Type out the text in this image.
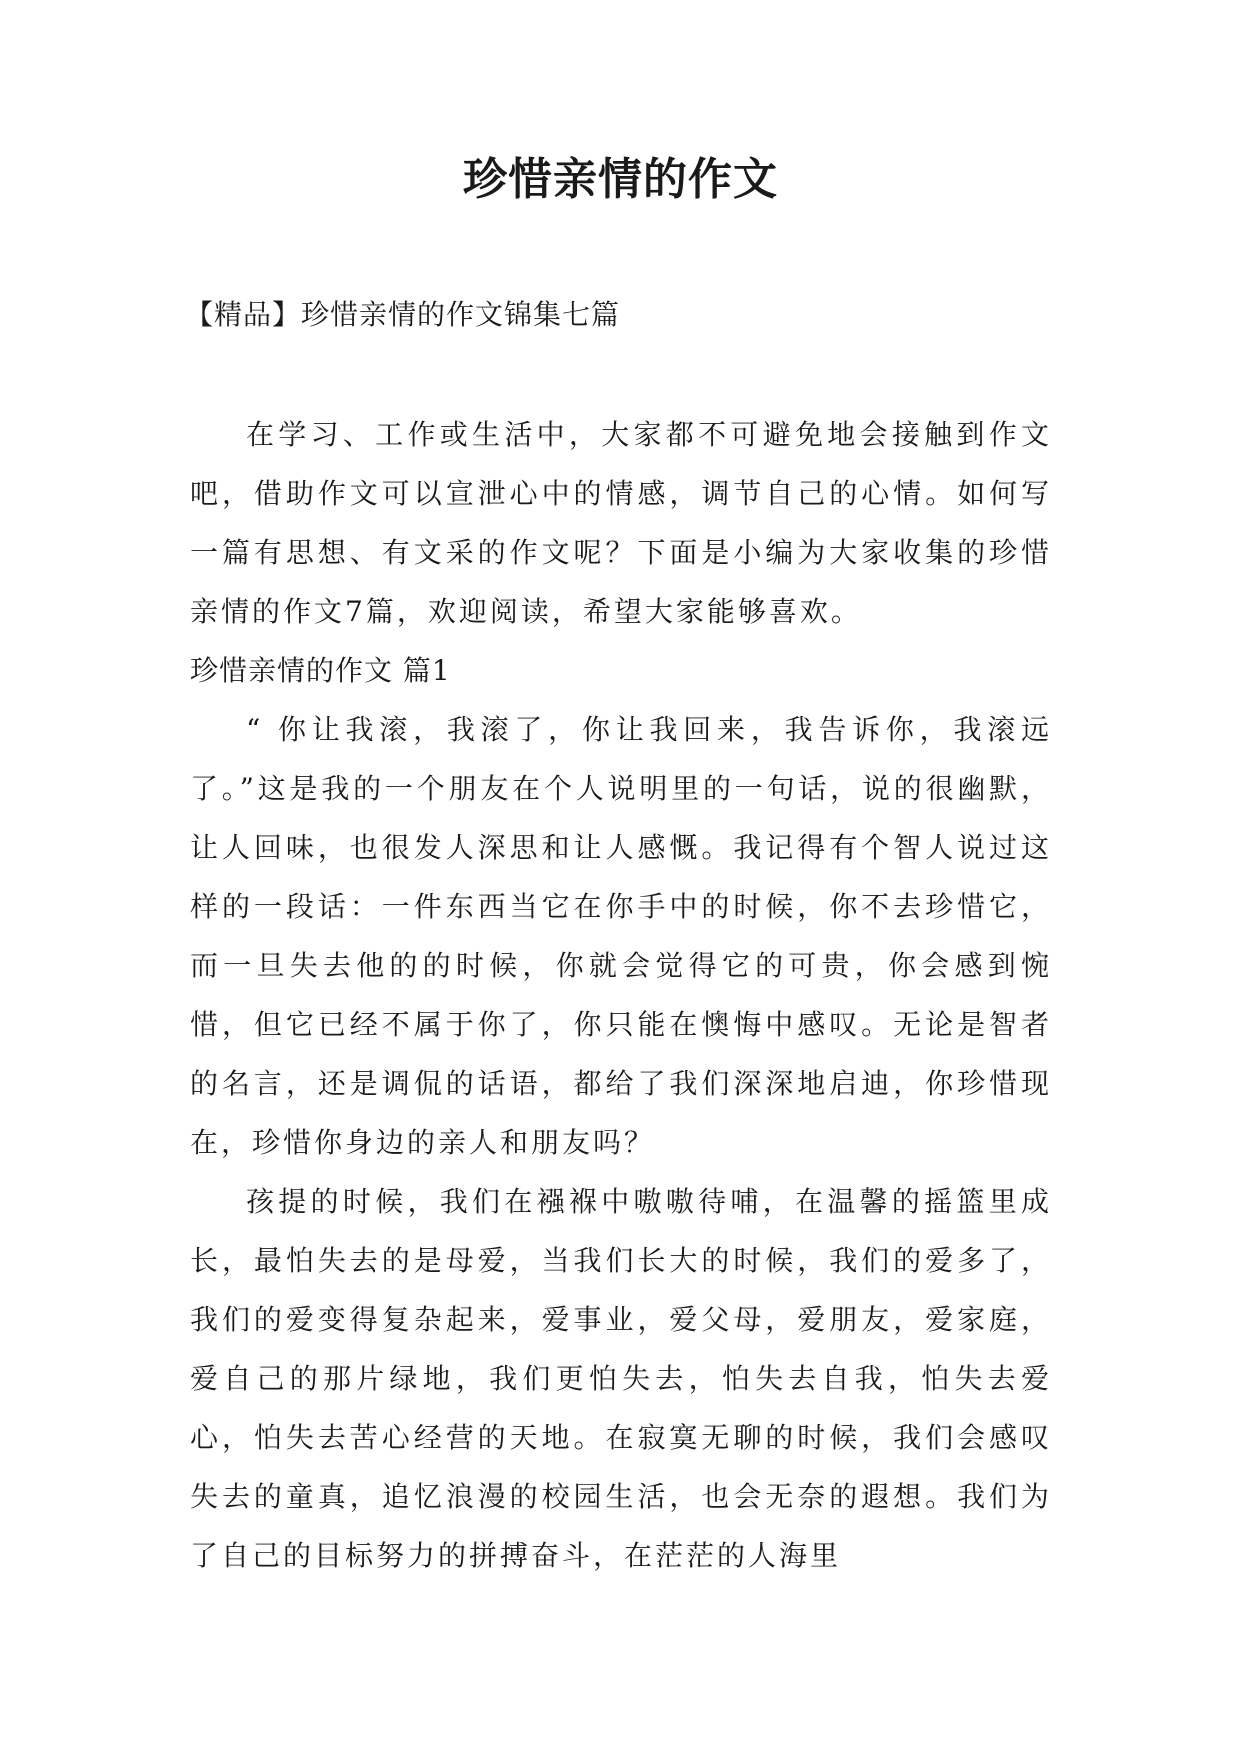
珍惜亲情的作文
【精品】珍惜亲情的作文锦集七篇

在学习、工作或生活中，大家都不可避免地会接触到作文吧，借助作文可以宣泄心中的情感，调节自己的心情。如何写一篇有思想、有文采的作文呢？下面是小编为大家收集的珍惜亲情的作文7篇，欢迎阅读，希望大家能够喜欢。

珍惜亲情的作文 篇1

“ 你让我滚，我滚了，你让我回来，我告诉你，我滚远了。”这是我的一个朋友在个人说明里的一句话，说的很幽默，让人回味，也很发人深思和让人感慨。我记得有个智人说过这样的一段话：一件东西当它在你手中的时候，你不去珍惜它，而一旦失去他的的时候，你就会觉得它的可贵，你会感到惋惜，但它已经不属于你了，你只能在懊悔中感叹。无论是智者的名言，还是调侃的话语，都给了我们深深地启迪，你珍惜现在，珍惜你身边的亲人和朋友吗？

孩提的时候，我们在襁褓中嗷嗷待哺，在温馨的摇篮里成长，最怕失去的是母爱，当我们长大的时候，我们的爱多了，我们的爱变得复杂起来，爱事业，爱父母，爱朋友，爱家庭，爱自己的那片绿地，我们更怕失去，怕失去自我，怕失去爱心，怕失去苦心经营的天地。在寂寞无聊的时候，我们会感叹失去的童真，追忆浪漫的校园生活，也会无奈的遐想。我们为了自己的目标努力的拼搏奋斗，在茫茫的人海里
